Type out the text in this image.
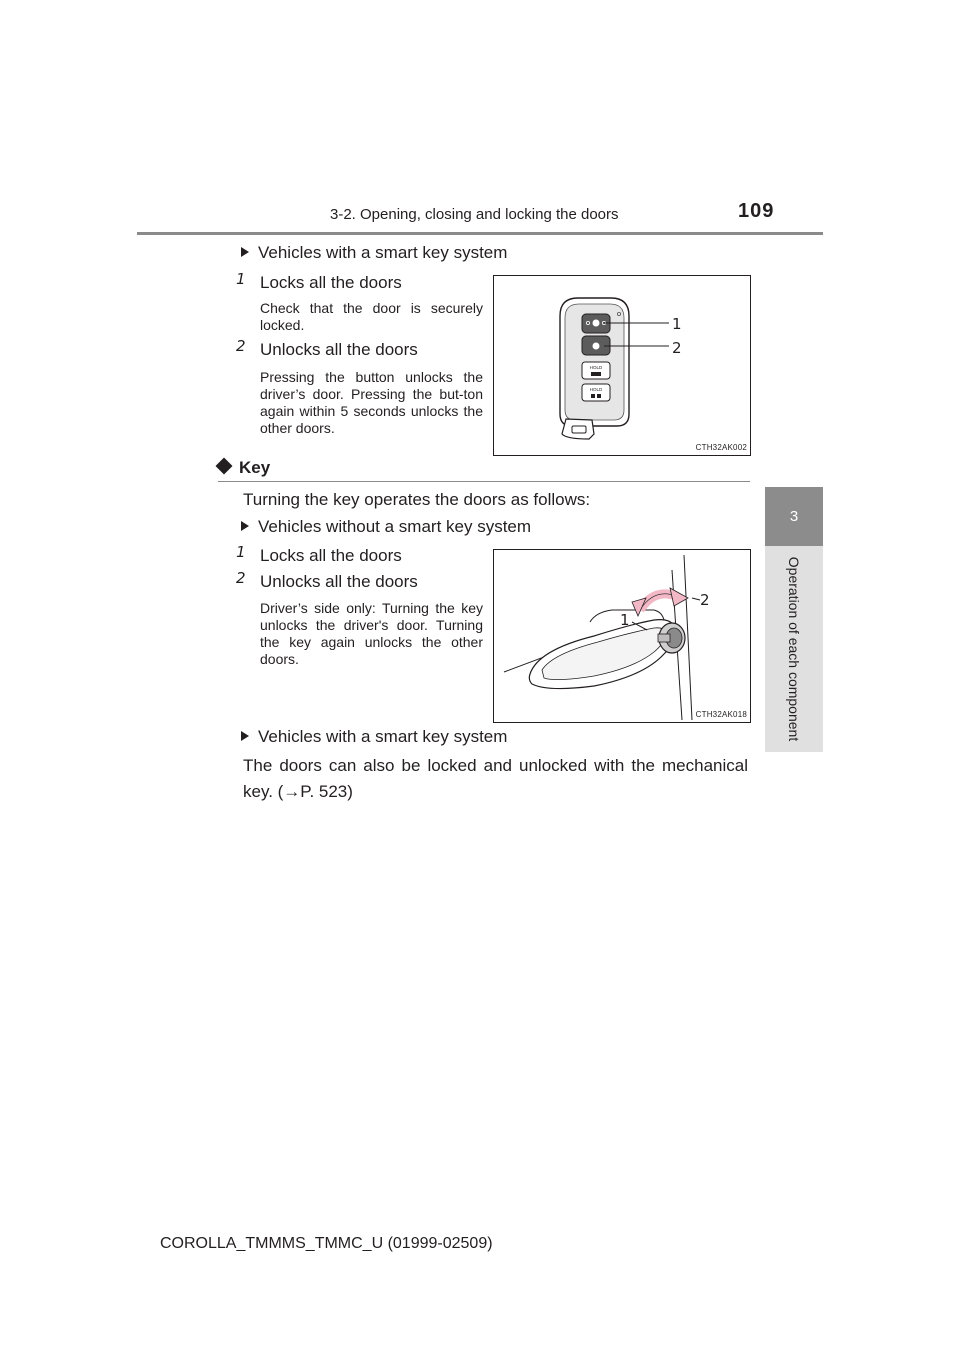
3-2. Opening, closing and locking the doors	109
3
Operation of each component
Vehicles with a smart key system
1 Locks all the doors
Check that the door is securely locked.
2 Unlocks all the doors
Pressing the button unlocks the driver’s door. Pressing the but-ton again within 5 seconds unlocks the other doors.
HOLD
HOLD
1
2
CTH32AK002
Key
Turning the key operates the doors as follows:
Vehicles without a smart key system
1 Locks all the doors
2 Unlocks all the doors
Driver’s side only: Turning the key unlocks the driver's door. Turning the key again unlocks the other doors.
1
2
CTH32AK018
Vehicles with a smart key system
The doors can also be locked and unlocked with the mechanical key. (→P. 523)
COROLLA_TMMMS_TMMC_U (01999-02509)
